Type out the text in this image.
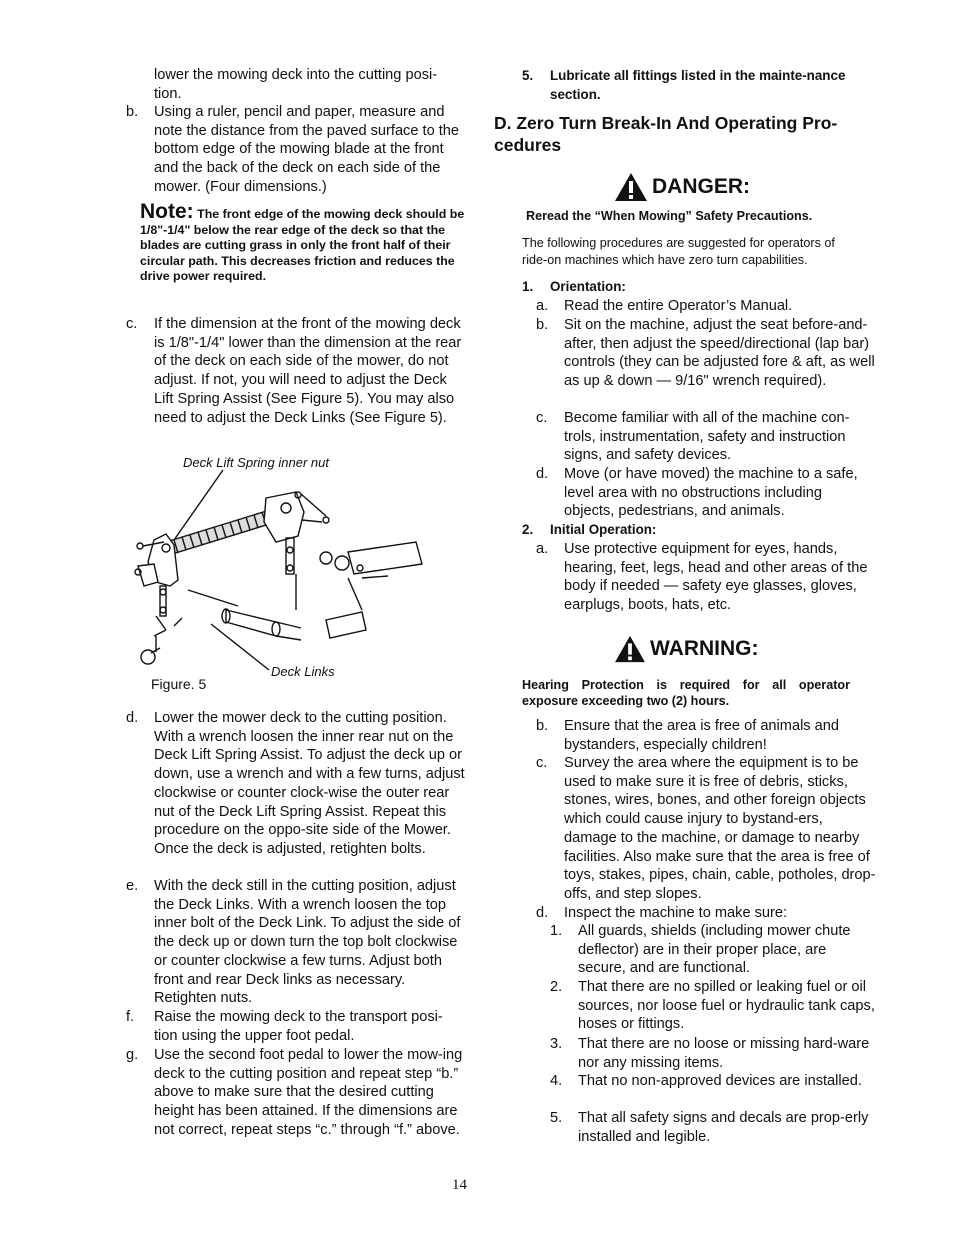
lower the mowing deck into the cutting posi-
tion.
b. Using a ruler, pencil and paper, measure and note the distance from the paved surface to the bottom edge of the mowing blade at the front and the back of the deck on each side of the mower. (Four dimensions.)
Note: The front edge of the mowing deck should be 1/8"-1/4" below the rear edge of the deck so that the blades are cutting grass in only the front half of their circular path. This decreases friction and reduces the drive power required.
c. If the dimension at the front of the mowing deck is 1/8"-1/4" lower than the dimension at the rear of the deck on each side of the mower, do not adjust. If not, you will need to adjust the Deck Lift Spring Assist (See Figure 5). You may also need to adjust the Deck Links (See Figure 5).
Deck Lift Spring inner nut
Deck Links
Figure. 5
d. Lower the mower deck to the cutting position. With a wrench loosen the inner rear nut on the Deck Lift Spring Assist. To adjust the deck up or down, use a wrench and with a few turns, adjust clockwise or counter clock-wise the outer rear nut of the Deck Lift Spring Assist. Repeat this procedure on the oppo-site side of the Mower. Once the deck is adjusted, retighten bolts.
e. With the deck still in the cutting position, adjust the Deck Links. With a wrench loosen the top inner bolt of the Deck Link. To adjust the side of the deck up or down turn the top bolt clockwise or counter clockwise a few turns. Adjust both front and rear Deck links as necessary. Retighten nuts.
f. Raise the mowing deck to the transport posi-tion using the upper foot pedal.
g. Use the second foot pedal to lower the mow-ing deck to the cutting position and repeat step “b.” above to make sure that the desired cutting height has been attained. If the dimensions are not correct, repeat steps “c.” through “f.” above.
5. Lubricate all fittings listed in the mainte-nance section.
D. Zero Turn Break-In And Operating Pro-cedures
DANGER:
Reread the “When Mowing” Safety Precautions.
The following procedures are suggested for operators of ride-on machines which have zero turn capabilities.
1. Orientation:
a. Read the entire Operator’s Manual.
b. Sit on the machine, adjust the seat before-and-after, then adjust the speed/directional (lap bar) controls (they can be adjusted fore & aft, as well as up & down — 9/16" wrench required).
c. Become familiar with all of the machine con-trols, instrumentation, safety and instruction signs, and safety devices.
d. Move (or have moved) the machine to a safe, level area with no obstructions including objects, pedestrians, and animals.
2. Initial Operation:
a. Use protective equipment for eyes, hands, hearing, feet, legs, head and other areas of the body if needed — safety eye glasses, gloves, earplugs, boots, hats, etc.
WARNING:
Hearing Protection is required for all operator exposure exceeding two (2) hours.
b. Ensure that the area is free of animals and bystanders, especially children!
c. Survey the area where the equipment is to be used to make sure it is free of debris, sticks, stones, wires, bones, and other foreign objects which could cause injury to bystand-ers, damage to the machine, or damage to nearby facilities. Also make sure that the area is free of toys, stakes, pipes, chain, cable, potholes, drop-offs, and step slopes.
d. Inspect the machine to make sure:
1. All guards, shields (including mower chute deflector) are in their proper place, are secure, and are functional.
2. That there are no spilled or leaking fuel or oil sources, nor loose fuel or hydraulic tank caps, hoses or fittings.
3. That there are no loose or missing hard-ware nor any missing items.
4. That no non-approved devices are installed.
5. That all safety signs and decals are prop-erly installed and legible.
14
